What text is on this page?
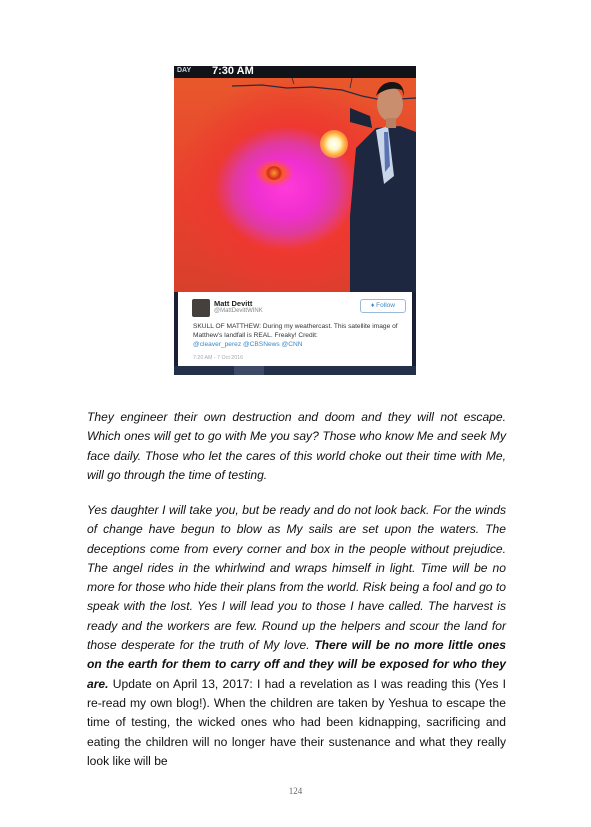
DAY 7:30 AM
Matt Devitt
@MattDevittWINK
♦ Follow
SKULL OF MATTHEW: During my weathercast. This satellite image of Matthew's landfall is REAL. Freaky! Credit:
@cleaver_perez @CBSNews @CNN
7:20 AM - 7 Oct 2016

They engineer their own destruction and doom and they will not escape. Which ones will get to go with Me you say? Those who know Me and seek My face daily. Those who let the cares of this world choke out their time with Me, will go through the time of testing.

Yes daughter I will take you, but be ready and do not look back. For the winds of change have begun to blow as My sails are set upon the waters. The deceptions come from every corner and box in the people without prejudice. The angel rides in the whirlwind and wraps himself in light. Time will be no more for those who hide their plans from the world. Risk being a fool and go to speak with the lost. Yes I will lead you to those I have called. The harvest is ready and the workers are few. Round up the helpers and scour the land for those desperate for the truth of My love. There will be no more little ones on the earth for them to carry off and they will be exposed for who they are. Update on April 13, 2017: I had a revelation as I was reading this (Yes I re-read my own blog!). When the children are taken by Yeshua to escape the time of testing, the wicked ones who had been kidnapping, sacrificing and eating the children will no longer have their sustenance and what they really look like will be

124
